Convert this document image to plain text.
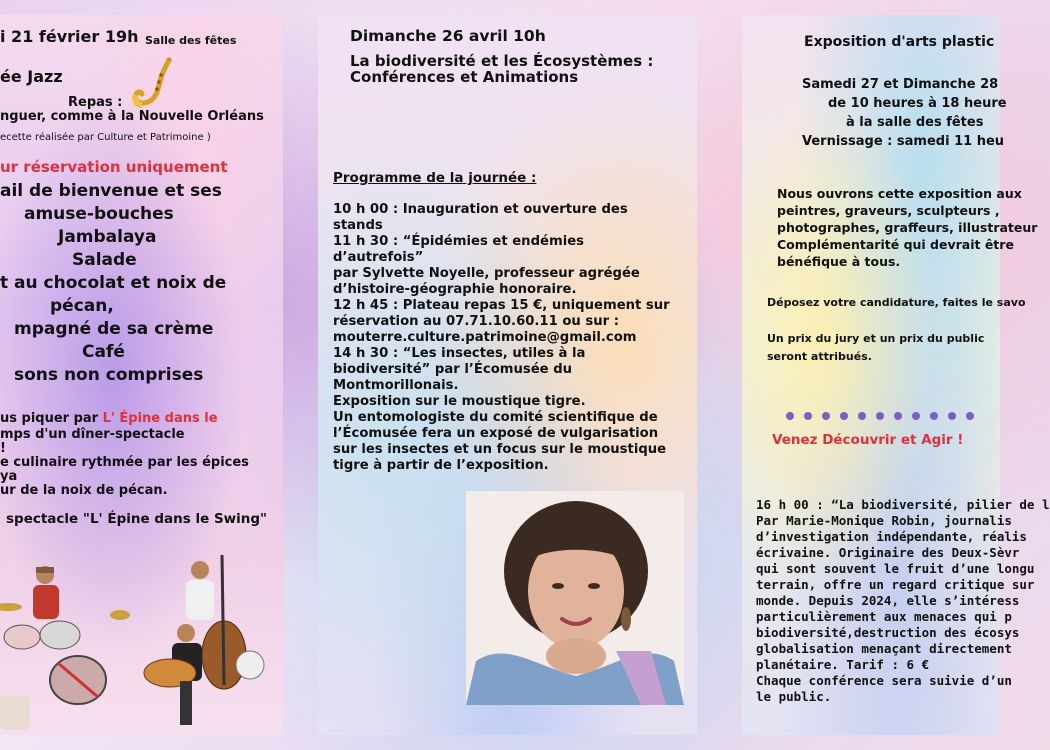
i 21 février 19h Salle des fêtes

ée Jazz

Repas :

nguer, comme à la Nouvelle Orléans

ecette réalisée par Culture et Patrimoine )

ur réservation uniquement

ail de bienvenue et ses

amuse-bouches

Jambalaya

Salade

t au chocolat et noix de

pécan,

mpagné de sa crème

Café

sons non comprises

us piquer par L' Épine dans le

mps d'un dîner-spectacle

!

e culinaire rythmée par les épices

ya

ur de la noix de pécan.

spectacle "L' Épine dans le Swing"

Dimanche 26 avril 10h

La biodiversité et les Écosystèmes :

Conférences et Animations

Programme de la journée :

10 h 00 : Inauguration et ouverture des

stands

11 h 30 : “Épidémies et endémies

d’autrefois”

par Sylvette Noyelle, professeur agrégée

d’histoire-géographie honoraire.

12 h 45 : Plateau repas 15 €, uniquement sur

réservation au 07.71.10.60.11 ou sur :

mouterre.culture.patrimoine@gmail.com

14 h 30 : “Les insectes, utiles à la

biodiversité” par l’Écomusée du

Montmorillonais.

Exposition sur le moustique tigre.

Un entomologiste du comité scientifique de

l’Écomusée fera un exposé de vulgarisation

sur les insectes et un focus sur le moustique

tigre à partir de l’exposition.

Exposition d'arts plastic

Samedi 27 et Dimanche 28

de 10 heures à 18 heure

à la salle des fêtes

Vernissage : samedi 11 heu

Nous ouvrons cette exposition aux

peintres, graveurs, sculpteurs ,

photographes, graffeurs, illustrateur

Complémentarité qui devrait être

bénéfique à tous.

Déposez votre candidature, faites le savo

Un prix du jury et un prix du public

seront attribués.

Venez Découvrir et Agir !

16 h 00 : “La biodiversité, pilier de l

Par Marie-Monique Robin, journalis

d’investigation indépendante, réalis

écrivaine. Originaire des Deux-Sèvr

qui sont souvent le fruit d’une longu

terrain, offre un regard critique sur

monde. Depuis 2024, elle s’intéress

particulièrement aux menaces qui p

biodiversité,destruction des écosys

globalisation menaçant directement

planétaire. Tarif : 6 €

Chaque conférence sera suivie d’un

le public.
